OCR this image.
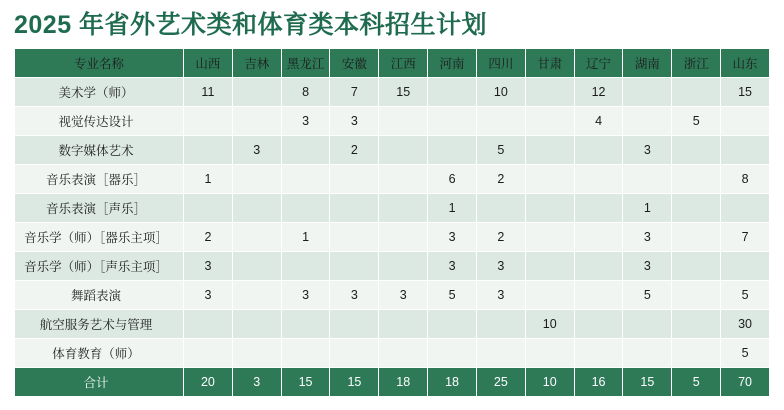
2025 年省外艺术类和体育类本科招生计划
专业名称	山西	吉林	黑龙江	安徽	江西	河南	四川	甘肃	辽宁	湖南	浙江	山东
美术学（师）	11		8	7	15		10		12			15
视觉传达设计			3	3					4		5	
数字媒体艺术		3		2			5			3		
音乐表演［器乐］	1					6	2					8
音乐表演［声乐］						1				1		
音乐学（师）［器乐主项］	2		1			3	2			3		7
音乐学（师）［声乐主项］	3					3	3			3		
舞蹈表演	3		3	3	3	5	3			5		5
航空服务艺术与管理								10				30
体育教育（师）												5
合计	20	3	15	15	18	18	25	10	16	15	5	70
